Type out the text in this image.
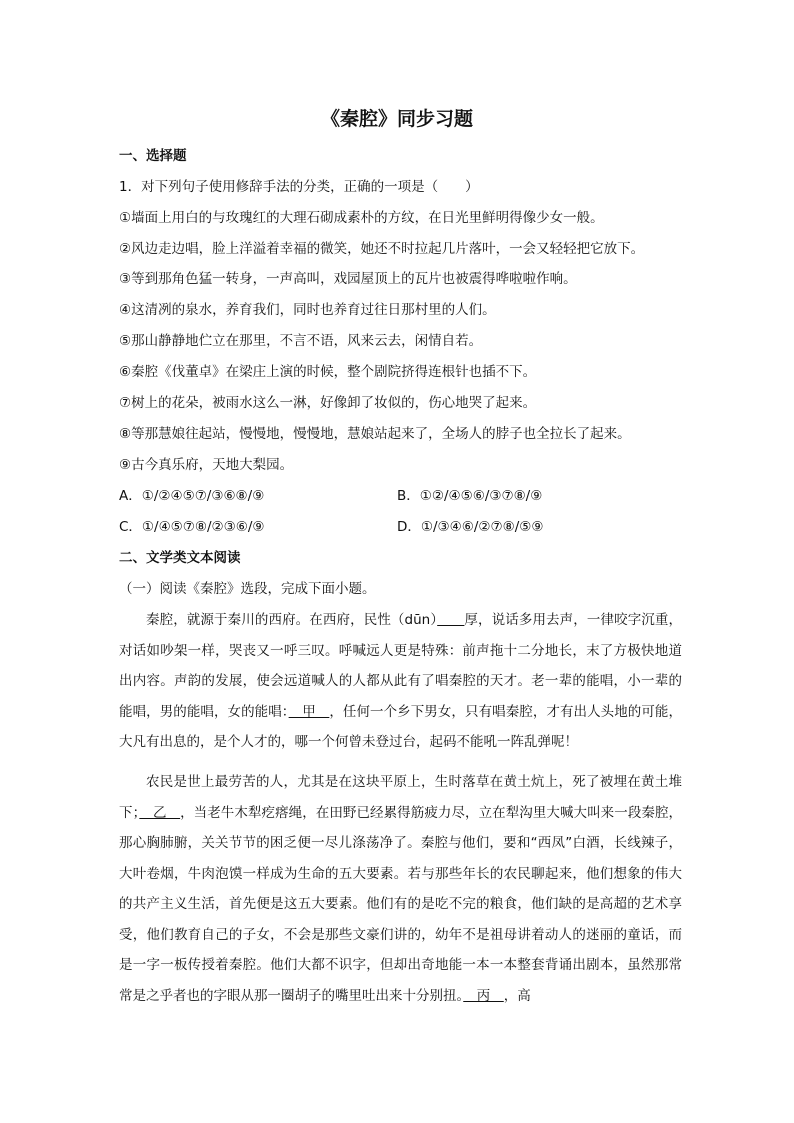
《秦腔》同步习题
一、选择题
1．对下列句子使用修辞手法的分类，正确的一项是（　　）
①墙面上用白的与玫瑰红的大理石砌成素朴的方纹，在日光里鲜明得像少女一般。
②风边走边唱，脸上洋溢着幸福的微笑，她还不时拉起几片落叶，一会又轻轻把它放下。
③等到那角色猛一转身，一声高叫，戏园屋顶上的瓦片也被震得哗啦啦作响。
④这清冽的泉水，养育我们，同时也养育过往日那村里的人们。
⑤那山静静地伫立在那里，不言不语，风来云去，闲情自若。
⑥秦腔《伐董卓》在梁庄上演的时候，整个剧院挤得连根针也插不下。
⑦树上的花朵，被雨水这么一淋，好像卸了妆似的，伤心地哭了起来。
⑧等那慧娘往起站，慢慢地，慢慢地，慧娘站起来了，全场人的脖子也全拉长了起来。
⑨古今真乐府，天地大梨园。
A．①/②④⑤⑦/③⑥⑧/⑨	B．①②/④⑤⑥/③⑦⑧/⑨
C．①/④⑤⑦⑧/②③⑥/⑨	D．①/③④⑥/②⑦⑧/⑤⑨
二、文学类文本阅读
（一）阅读《秦腔》选段，完成下面小题。
秦腔，就源于秦川的西府。在西府，民性（dūn）　　 厚，说话多用去声，一律咬字沉重，对话如吵架一样，哭丧又一呼三叹。呼喊远人更是特殊：前声拖十二分地长，末了方极快地道出内容。声韵的发展，使会远道喊人的人都从此有了唱秦腔的天才。老一辈的能唱，小一辈的能唱，男的能唱，女的能唱：　甲　，任何一个乡下男女，只有唱秦腔，才有出人头地的可能，大凡有出息的，是个人才的，哪一个何曾未登过台，起码不能吼一阵乱弹呢！
农民是世上最劳苦的人，尤其是在这块平原上，生时落草在黄土炕上，死了被埋在黄土堆下；　乙　，当老牛木犁疙瘩绳，在田野已经累得筋疲力尽，立在犁沟里大喊大叫来一段秦腔，那心胸肺腑，关关节节的困乏便一尽儿涤荡净了。秦腔与他们，要和“西凤”白酒，长线辣子，大叶卷烟，牛肉泡馍一样成为生命的五大要素。若与那些年长的农民聊起来，他们想象的伟大的共产主义生活，首先便是这五大要素。他们有的是吃不完的粮食，他们缺的是高超的艺术享受，他们教育自己的子女，不会是那些文豪们讲的，幼年不是祖母讲着动人的迷丽的童话，而是一字一板传授着秦腔。他们大都不识字，但却出奇地能一本一本整套背诵出剧本，虽然那常常是之乎者也的字眼从那一圈胡子的嘴里吐出来十分别扭。　丙　，高
